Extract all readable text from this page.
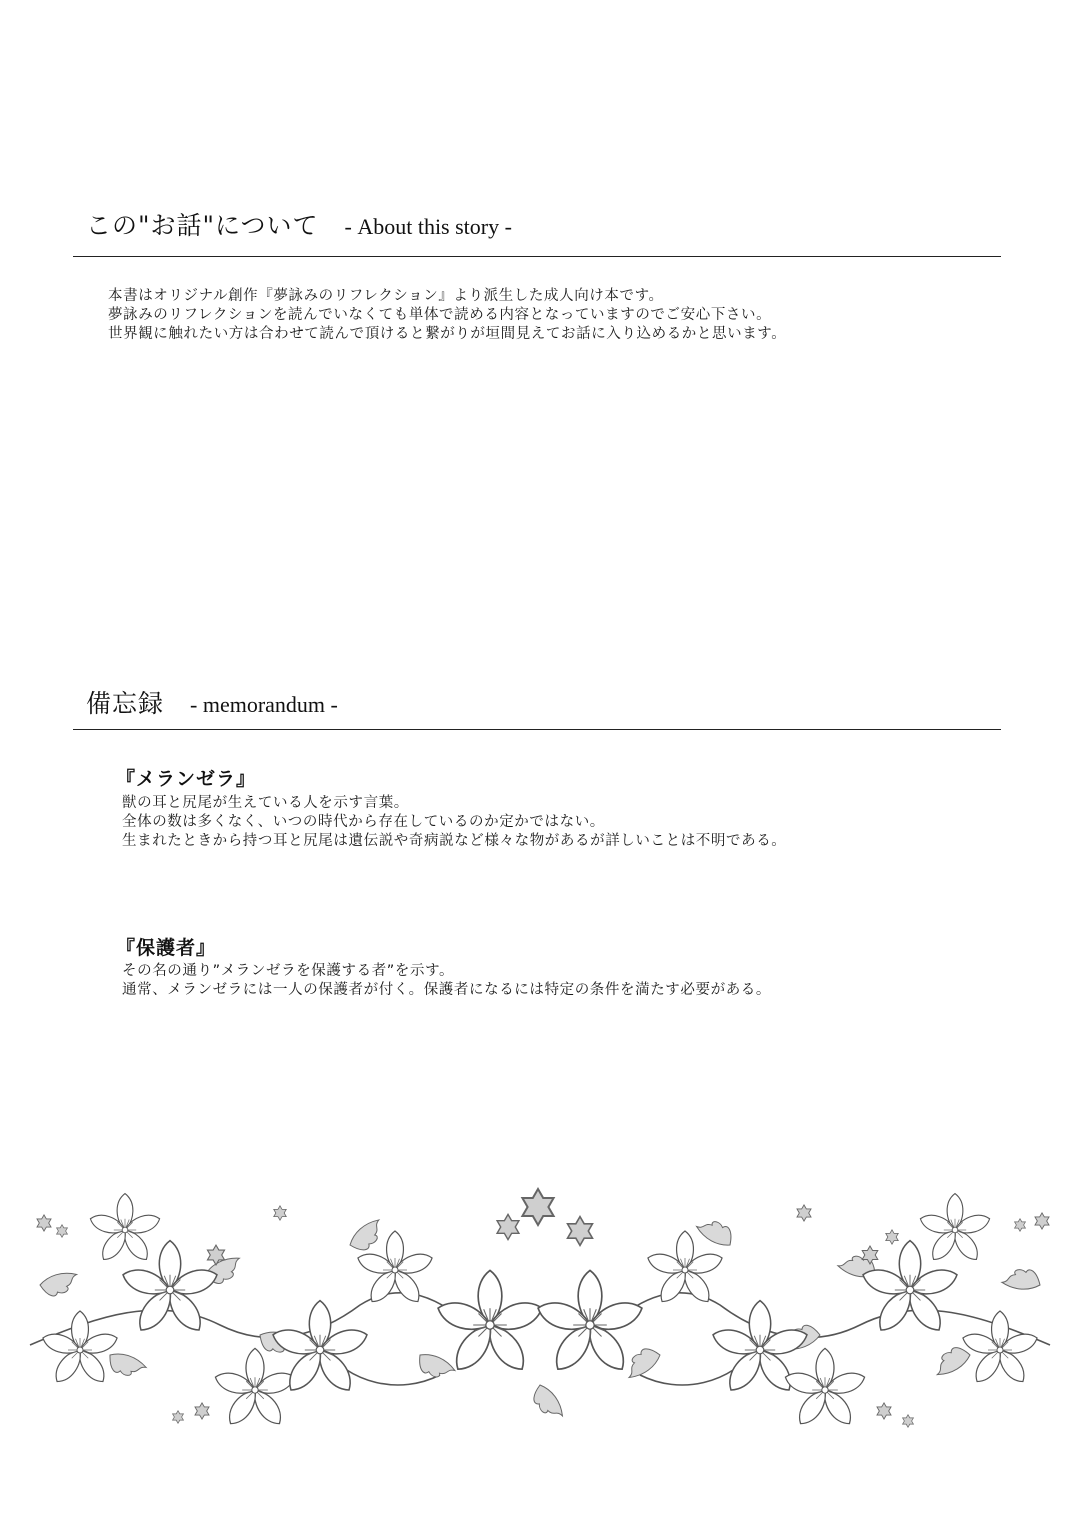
この"お話"について - About this story -
本書はオリジナル創作『夢詠みのリフレクション』より派生した成人向け本です。
夢詠みのリフレクションを読んでいなくても単体で読める内容となっていますのでご安心下さい。
世界観に触れたい方は合わせて読んで頂けると繋がりが垣間見えてお話に入り込めるかと思います。
備忘録 - memorandum -
『メランゼラ』
獣の耳と尻尾が生えている人を示す言葉。
全体の数は多くなく、いつの時代から存在しているのか定かではない。
生まれたときから持つ耳と尻尾は遺伝説や奇病説など様々な物があるが詳しいことは不明である。
『保護者』
その名の通り”メランゼラを保護する者”を示す。
通常、メランゼラには一人の保護者が付く。保護者になるには特定の条件を満たす必要がある。
